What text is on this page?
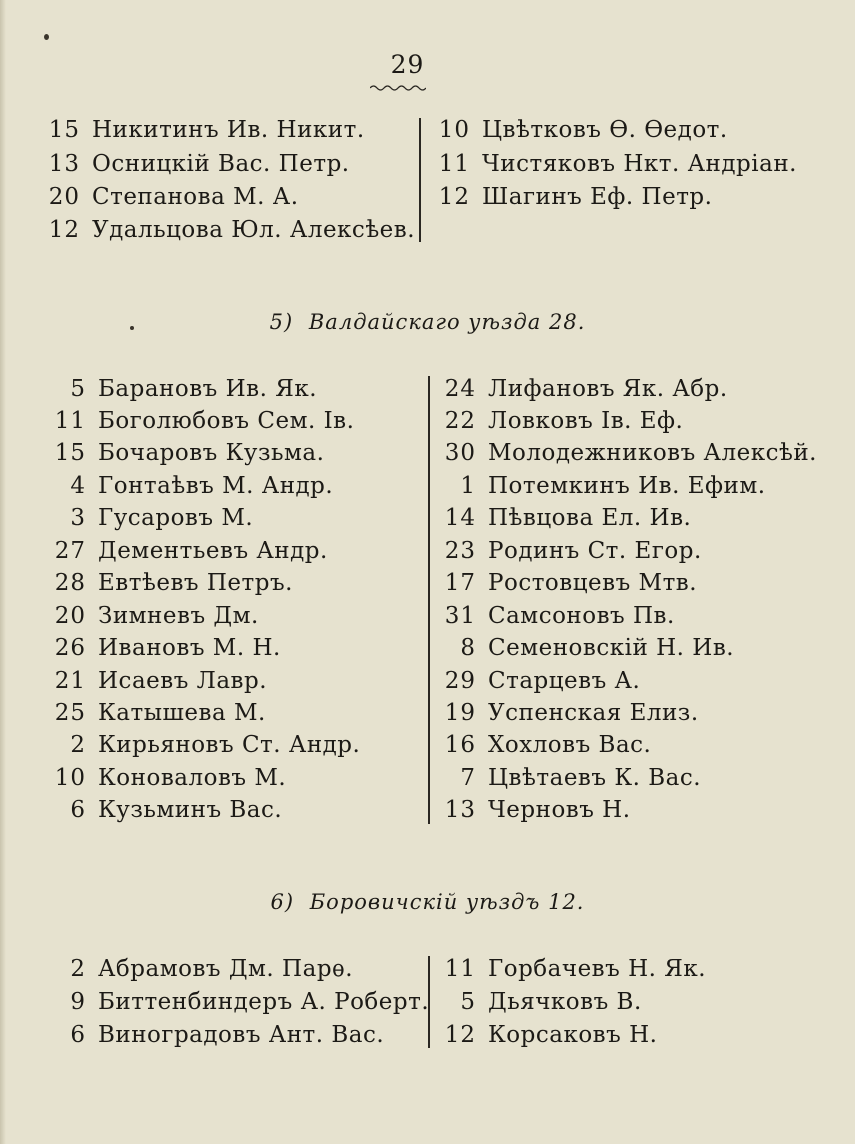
29
15 Никитинъ Ив. Никит.
13 Осницкій Вас. Петр.
20 Степанова М. А.
12 Удальцова Юл. Алексѣев.
10 Цвѣтковъ Ѳ. Ѳедот.
11 Чистяковъ Нкт. Андріан.
12 Шагинъ Еф. Петр.
5) Валдайскаго уѣзда 28.
5 Барановъ Ив. Як.
11 Боголюбовъ Сем. Ів.
15 Бочаровъ Кузьма.
4 Гонтаѣвъ М. Андр.
3 Гусаровъ М.
27 Дементьевъ Андр.
28 Евтѣевъ Петръ.
20 Зимневъ Дм.
26 Ивановъ М. Н.
21 Исаевъ Лавр.
25 Катышева М.
2 Кирьяновъ Ст. Андр.
10 Коноваловъ М.
6 Кузьминъ Вас.
24 Лифановъ Як. Абр.
22 Ловковъ Ів. Еф.
30 Молодежниковъ Алексѣй.
1 Потемкинъ Ив. Ефим.
14 Пѣвцова Ел. Ив.
23 Родинъ Ст. Егор.
17 Ростовцевъ Мтв.
31 Самсоновъ Пв.
8 Семеновскій Н. Ив.
29 Старцевъ А.
19 Успенская Елиз.
16 Хохловъ Вас.
7 Цвѣтаевъ К. Вас.
13 Черновъ Н.
6) Боровичскій уѣздъ 12.
2 Абрамовъ Дм. Парѳ.
9 Биттенбиндеръ А. Роберт.
6 Виноградовъ Ант. Вас.
11 Горбачевъ Н. Як.
5 Дьячковъ В.
12 Корсаковъ Н.
